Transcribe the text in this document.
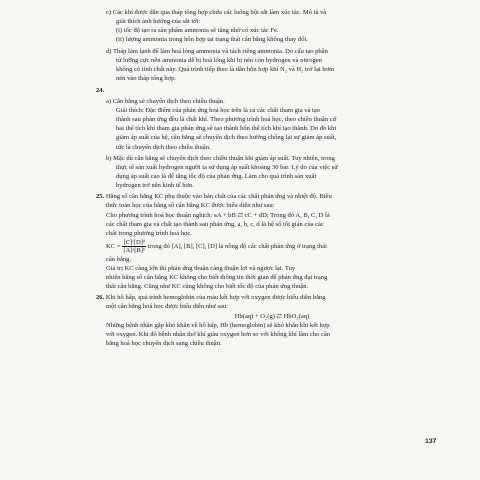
c) Các khí được dẫn qua tháp tổng hợp chứa các luống bột sắt làm xúc tác. Mô tả và
giải thích ảnh hưởng của sắt tới:
(i) tốc độ tạo ra sản phẩm ammonia sẽ tăng nhờ có xúc tác Fe.
(ii) lượng ammonia trong hỗn hợp tại trạng thái cân bằng không thay đổi.
d) Tháp làm lạnh để làm hoá lỏng ammonia và tách riêng ammonia. Do cấu tạo phân
tử lưỡng cực nên ammonia dễ bị hoá lỏng khi bị nén còn hydrogen và nitrogen
không có tính chất này. Quá trình tiếp theo là dẫn hỗn hợp khí N₂ và H₂ trở lại bơm
nén vào tháp tổng hợp.
24.
a) Cân bằng sẽ chuyển dịch theo chiều thuận.
Giải thích: Đặc điểm của phản ứng hoá học trên là cả các chất tham gia và tạo
thành sau phản ứng đều là chất khí. Theo phương trình hoá học, theo chiều thuận cứ
hai thể tích khí tham gia phản ứng sẽ tạo thành bốn thể tích khí tạo thành. Do đó khi
giảm áp suất của hệ, cân bằng sẽ chuyển dịch theo hướng chống lại sự giảm áp suất,
tức là chuyển dịch theo chiều thuận.
b) Mặc dù cân bằng sẽ chuyển dịch theo chiều thuận khi giảm áp suất. Tuy nhiên, trong
thực tế sản xuất hydrogen người ta sử dụng áp suất khoảng 30 bar. Lý do của việc sử
dụng áp suất cao là để tăng tốc độ của phản ứng. Làm cho quá trình sản xuất
hydrogen trở nên kinh tế hơn.
25. Hằng số cân bằng KC phụ thuộc vào bản chất của các chất phản ứng và nhiệt độ. Biểu
thức toán học của hằng số cân bằng KC được biểu diễn như sau:
Cho phương trình hoá học thuận nghịch: aA + bB ⇄ cC + dD; Trong đó A, B, C, D là
các chất tham gia và chất tạo thành sau phản ứng, a, b, c, d là hệ số tối giản của các
chất trong phương trình hoá học.
KC = $\frac{\text{[C]ᶜ[D]ᵈ}}{\text{[A]ᵃ[B]ᵇ}}$ trong đó [A], [B], [C], [D] là nồng độ các chất phản ứng ở trạng thái
cân bằng.
Giá trị KC càng lớn thì phản ứng thuận càng thuận lợi và ngược lại. Tuy
nhiên hằng số cân bằng KC không cho biết thông tin thời gian để phản ứng đạt trạng
thái cân bằng. Cũng như KC cũng không cho biết tốc độ của phản ứng thuận.
26. Khi hô hấp, quá trình hemoglobin của máu kết hợp với oxygen được biểu diễn bằng
một cân bằng hoá học được biểu diễn như sau:
Hb(aq) + O₂(g) ⇄ HbO₂(aq)
Những bệnh nhân gặp khó khăn về hô hấp, Hb (hemoglobin) sẽ khó khăn khi kết hợp
với oxygen. Khi đó bệnh nhân thở khí giàu oxygen hơn so với không khí làm cho cân
bằng hoá học chuyển dịch sang chiều thuận.
137
